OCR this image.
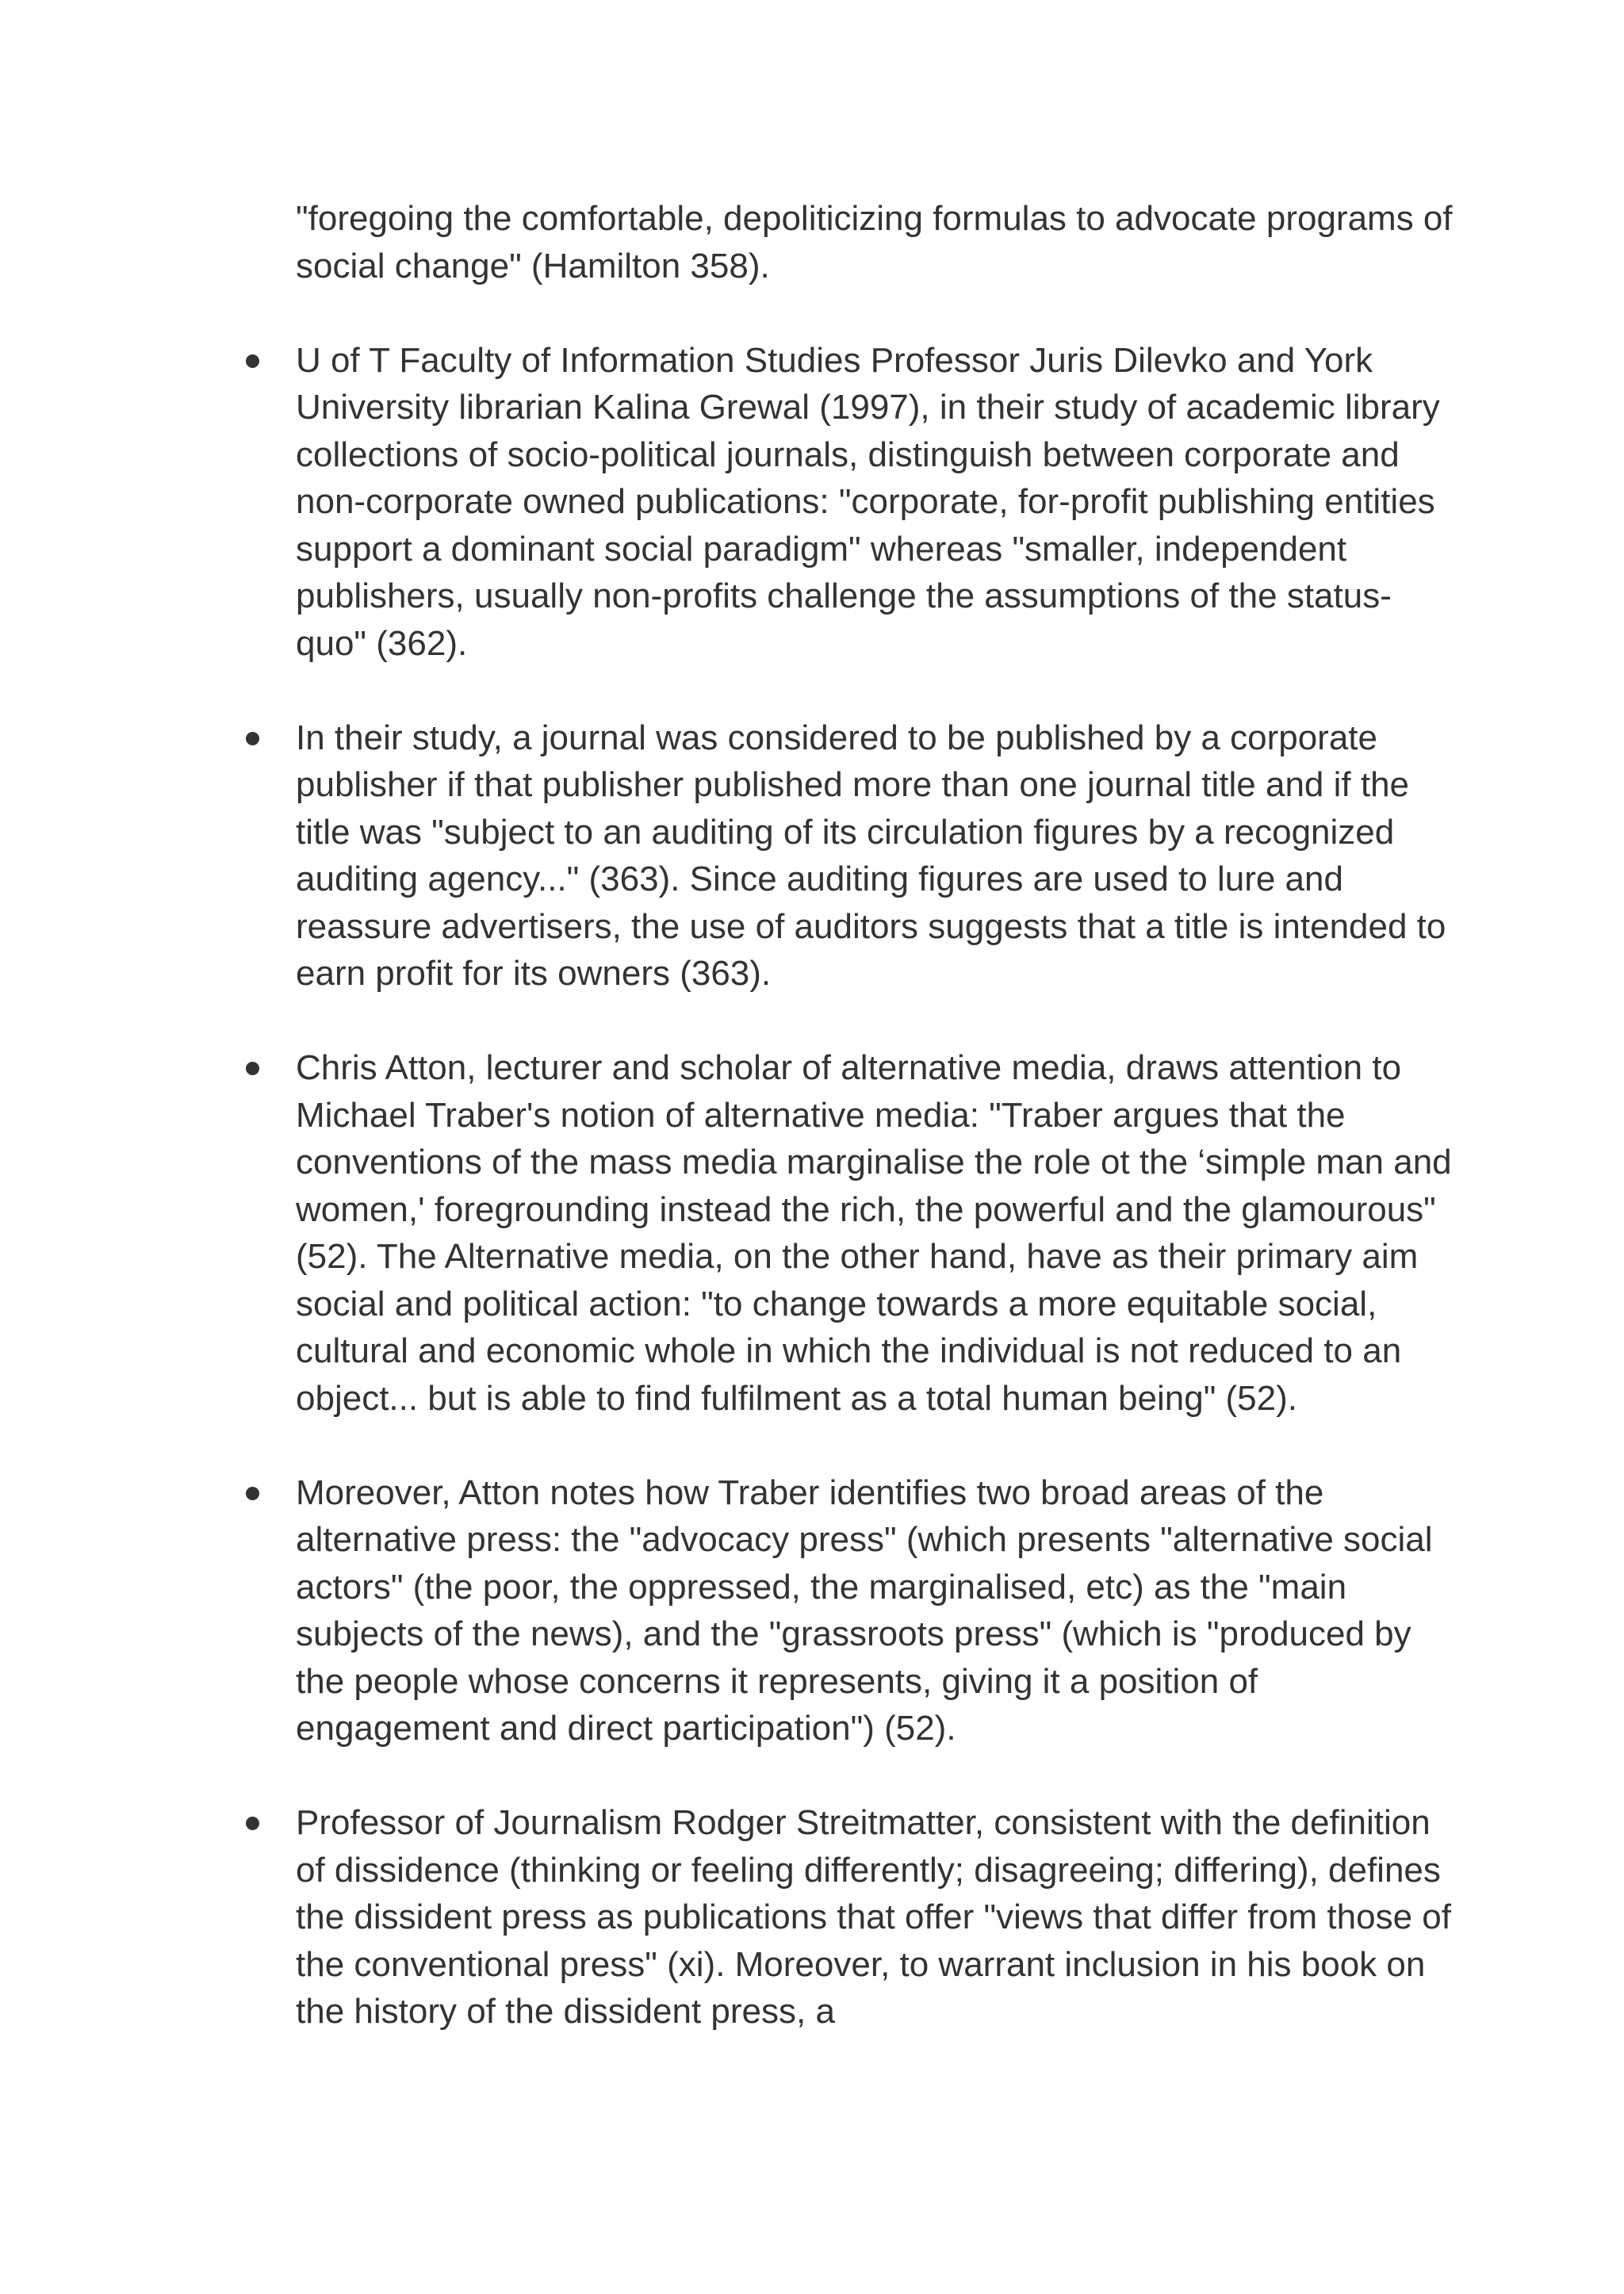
"foregoing the comfortable, depoliticizing formulas to advocate programs of social change" (Hamilton 358).

U of T Faculty of Information Studies Professor Juris Dilevko and York University librarian Kalina Grewal (1997), in their study of academic library collections of socio-political journals, distinguish between corporate and non-corporate owned publications: "corporate, for-profit publishing entities support a dominant social paradigm" whereas "smaller, independent publishers, usually non-profits challenge the assumptions of the status-quo" (362).

In their study, a journal was considered to be published by a corporate publisher if that publisher published more than one journal title and if the title was "subject to an auditing of its circulation figures by a recognized auditing agency..." (363). Since auditing figures are used to lure and reassure advertisers, the use of auditors suggests that a title is intended to earn profit for its owners (363).

Chris Atton, lecturer and scholar of alternative media, draws attention to Michael Traber's notion of alternative media: "Traber argues that the conventions of the mass media marginalise the role ot the ‘simple man and women,' foregrounding instead the rich, the powerful and the glamourous" (52). The Alternative media, on the other hand, have as their primary aim social and political action: "to change towards a more equitable social, cultural and economic whole in which the individual is not reduced to an object... but is able to find fulfilment as a total human being" (52).

Moreover, Atton notes how Traber identifies two broad areas of the alternative press: the "advocacy press" (which presents "alternative social actors" (the poor, the oppressed, the marginalised, etc) as the "main subjects of the news), and the "grassroots press" (which is "produced by the people whose concerns it represents, giving it a position of engagement and direct participation") (52).

Professor of Journalism Rodger Streitmatter, consistent with the definition of dissidence (thinking or feeling differently; disagreeing; differing), defines the dissident press as publications that offer "views that differ from those of the conventional press" (xi). Moreover, to warrant inclusion in his book on the history of the dissident press, a
